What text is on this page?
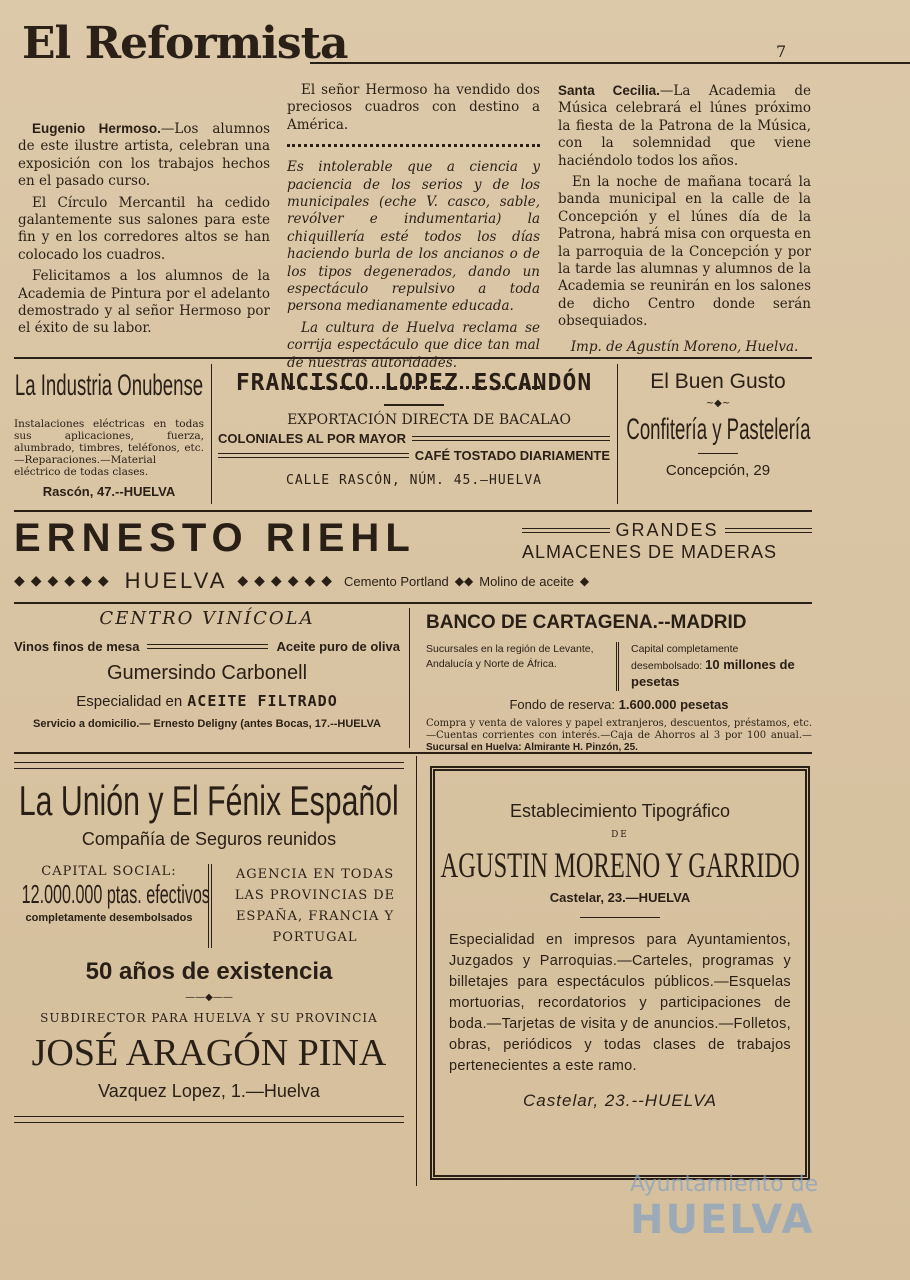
El Reformista	7

Eugenio Hermoso.—Los alumnos de este ilustre artista, celebran una exposición con los trabajos hechos en el pasado curso.

El Círculo Mercantil ha cedido galantemente sus salones para este fin y en los corredores altos se han colocado los cuadros.

Felicitamos a los alumnos de la Academia de Pintura por el adelanto demostrado y al señor Hermoso por el éxito de su labor.

El señor Hermoso ha vendido dos preciosos cuadros con destino a América.

Es intolerable que a ciencia y paciencia de los serios y de los municipales (eche V. casco, sable, revólver e indumentaria) la chiquillería esté todos los días haciendo burla de los ancianos o de los tipos degenerados, dando un espectáculo repulsivo a toda persona medianamente educada.

La cultura de Huelva reclama se corrija espectáculo que dice tan mal de nuestras autoridades.

Santa Cecilia.—La Academia de Música celebrará el lúnes próximo la fiesta de la Patrona de la Música, con la solemnidad que viene haciéndolo todos los años.

En la noche de mañana tocará la banda municipal en la calle de la Concepción y el lúnes día de la Patrona, habrá misa con orquesta en la parroquia de la Concepción y por la tarde las alumnas y alumnos de la Academia se reunirán en los salones de dicho Centro donde serán obsequiados.

Imp. de Agustín Moreno, Huelva.

La Industria Onubense
Instalaciones eléctricas en todas sus aplicaciones, fuerza, alumbrado, timbres, teléfonos, etc.—Reparaciones.—Material eléctrico de todas clases.
Rascón, 47.--HUELVA
FRANCISCO LOPEZ ESCANDÓN
EXPORTACIÓN DIRECTA DE BACALAO
COLONIALES AL POR MAYOR
CAFÉ TOSTADO DIARIAMENTE
CALLE RASCÓN, NÚM. 45.—HUELVA
El Buen Gusto
~◆~
Confitería y Pastelería
Concepción, 29
ERNESTO RIEHL	GRANDES
ALMACENES DE MADERAS
◆◆◆◆◆◆ HUELVA ◆◆◆◆◆◆ Cemento Portland ◆◆ Molino de aceite ◆
CENTRO VINÍCOLA
Vinos finos de mesa	Aceite puro de oliva
Gumersindo Carbonell
Especialidad en ACEITE FILTRADO
Servicio a domicilio.— Ernesto Deligny (antes Bocas, 17.--HUELVA
BANCO DE CARTAGENA.--MADRID
Sucursales en la región de Levante, Andalucía y Norte de África.
Capital completamente desembolsado: 10 millones de pesetas
Fondo de reserva: 1.600.000 pesetas
Compra y venta de valores y papel extranjeros, descuentos, préstamos, etc.—Cuentas corrientes con interés.—Caja de Ahorros al 3 por 100 anual.— Sucursal en Huelva: Almirante H. Pinzón, 25.
La Unión y El Fénix Español
Compañía de Seguros reunidos
CAPITAL SOCIAL:
12.000.000 ptas. efectivos
completamente desembolsados
AGENCIA EN TODAS LAS PROVINCIAS DE ESPAÑA, FRANCIA Y PORTUGAL
50 años de existencia
——◆——
SUBDIRECTOR PARA HUELVA Y SU PROVINCIA
JOSÉ ARAGÓN PINA
Vazquez Lopez, 1.—Huelva
Establecimiento Tipográfico
DE
AGUSTIN MORENO Y GARRIDO
Castelar, 23.—HUELVA
Especialidad en impresos para Ayuntamientos, Juzgados y Parroquias.—Carteles, programas y billetajes para espectáculos públicos.—Esquelas mortuorias, recordatorios y participaciones de boda.—Tarjetas de visita y de anuncios.—Folletos, obras, periódicos y todas clases de trabajos pertenecientes a este ramo.
Castelar, 23.--HUELVA
Ayuntamiento de
HUELVA
